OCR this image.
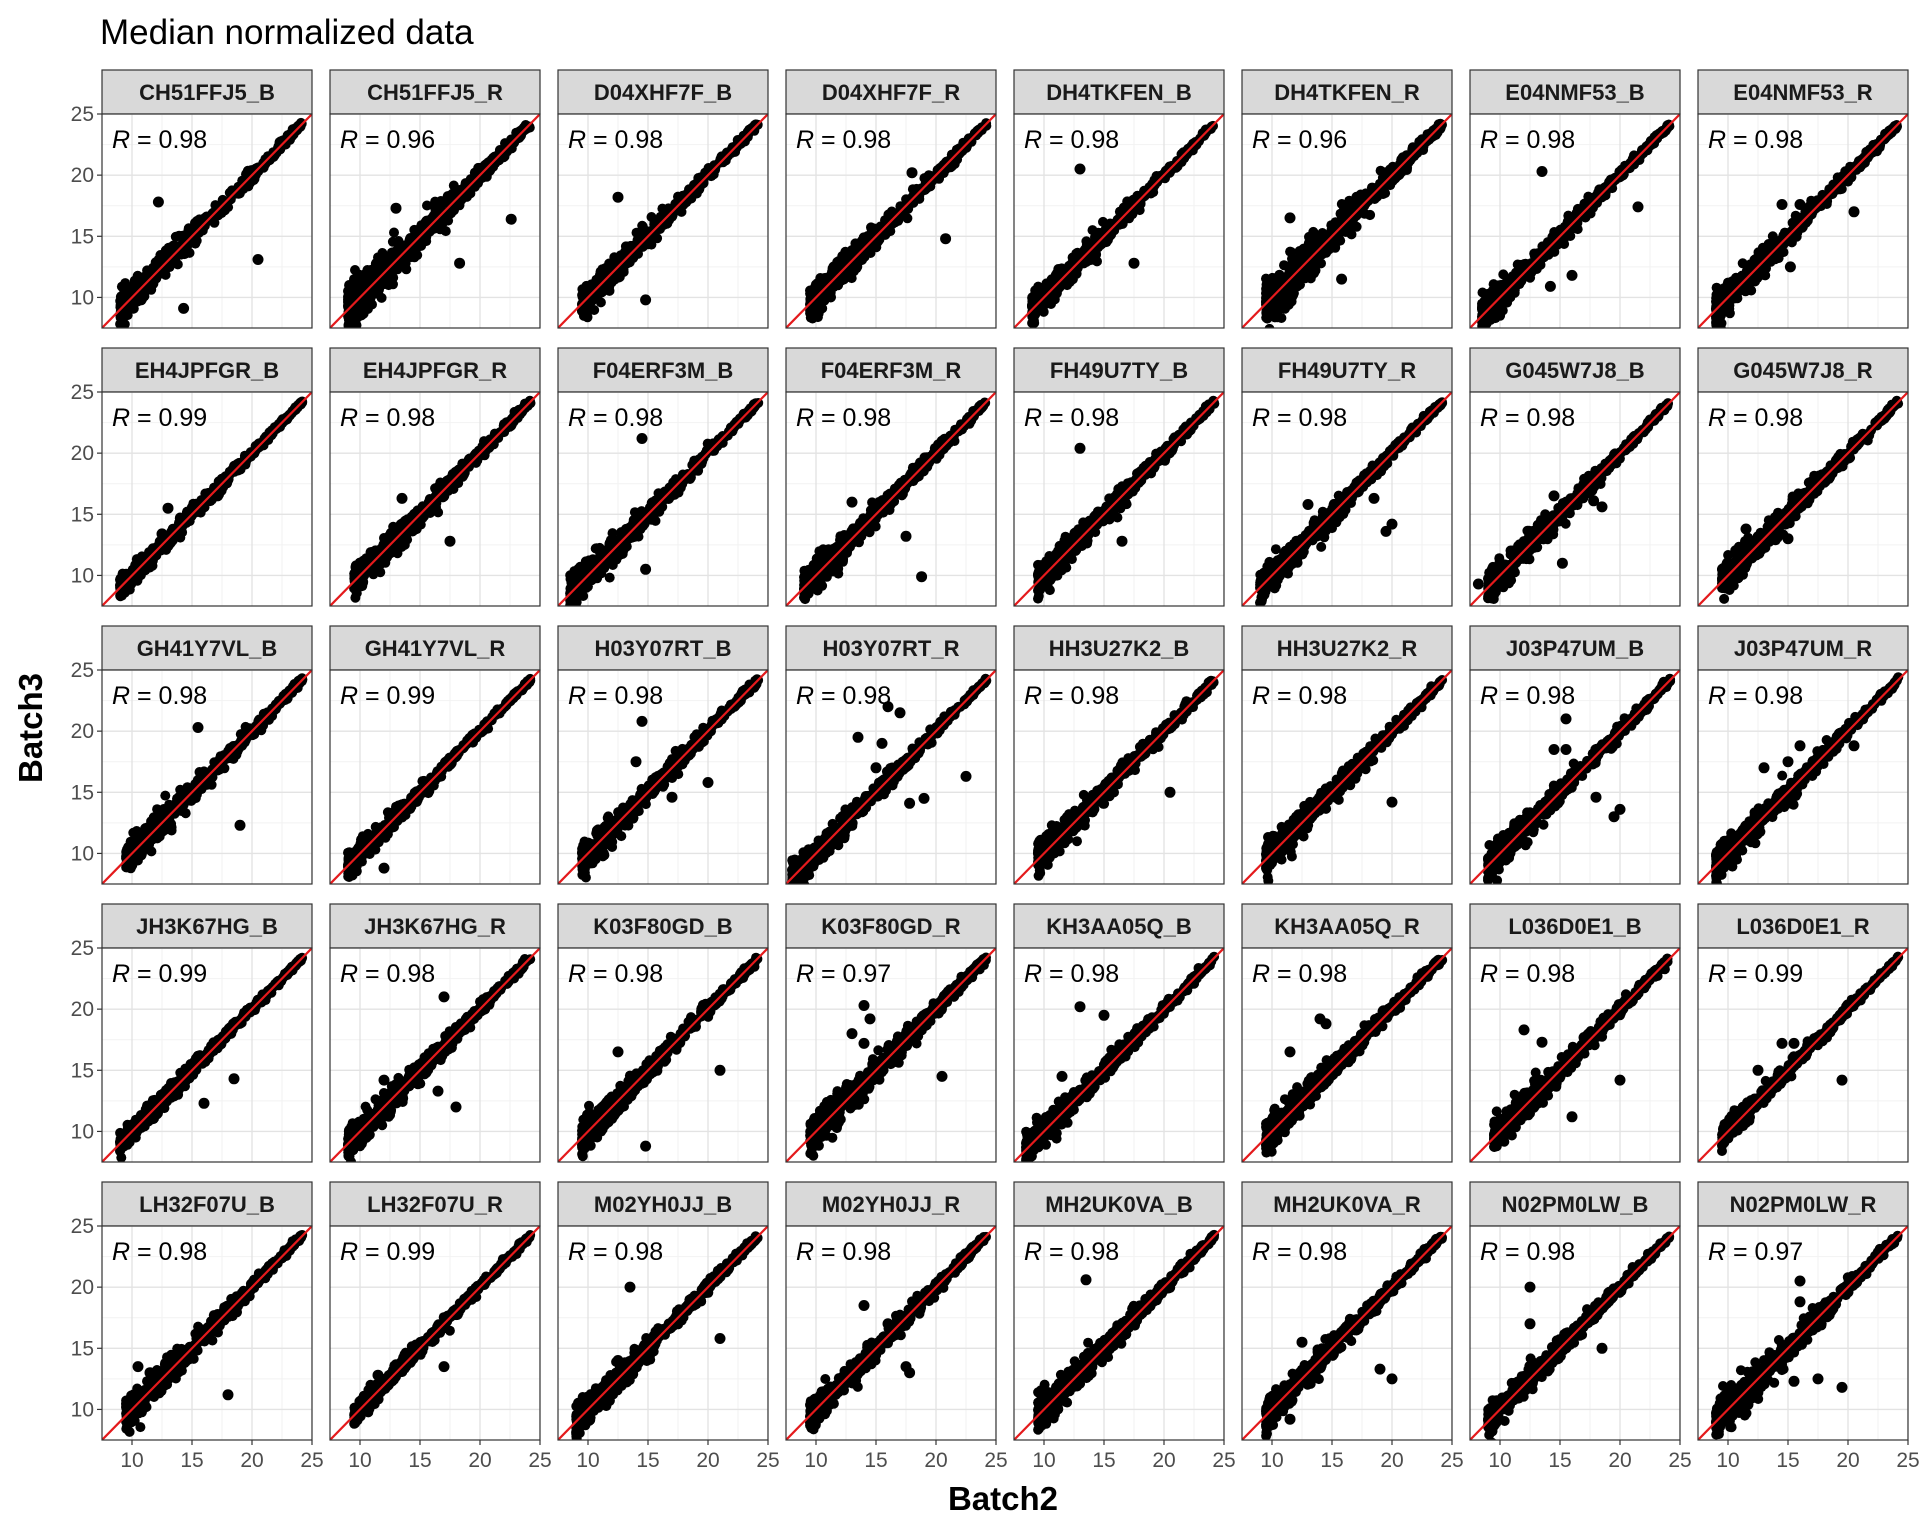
Median normalized data
CH51FFJ5_B
R = 0.98
CH51FFJ5_R
R = 0.96
D04XHF7F_B
R = 0.98
D04XHF7F_R
R = 0.98
DH4TKFEN_B
R = 0.98
DH4TKFEN_R
R = 0.96
E04NMF53_B
R = 0.98
E04NMF53_R
R = 0.98
EH4JPFGR_B
R = 0.99
EH4JPFGR_R
R = 0.98
F04ERF3M_B
R = 0.98
F04ERF3M_R
R = 0.98
FH49U7TY_B
R = 0.98
FH49U7TY_R
R = 0.98
G045W7J8_B
R = 0.98
G045W7J8_R
R = 0.98
GH41Y7VL_B
R = 0.98
GH41Y7VL_R
R = 0.99
H03Y07RT_B
R = 0.98
H03Y07RT_R
R = 0.98
HH3U27K2_B
R = 0.98
HH3U27K2_R
R = 0.98
J03P47UM_B
R = 0.98
J03P47UM_R
R = 0.98
JH3K67HG_B
R = 0.99
JH3K67HG_R
R = 0.98
K03F80GD_B
R = 0.98
K03F80GD_R
R = 0.97
KH3AA05Q_B
R = 0.98
KH3AA05Q_R
R = 0.98
L036D0E1_B
R = 0.98
L036D0E1_R
R = 0.99
LH32F07U_B
R = 0.98
LH32F07U_R
R = 0.99
M02YH0JJ_B
R = 0.98
M02YH0JJ_R
R = 0.98
MH2UK0VA_B
R = 0.98
MH2UK0VA_R
R = 0.98
N02PM0LW_B
R = 0.98
N02PM0LW_R
R = 0.97
10
15
20
25
10
15
20
25
10
15
20
25
10
15
20
25
10
15
20
25
10 15 20 25 10 15 20 25 10 15 20 25 10 15 20 25 10 15 20 25 10 15 20 25 10 15 20 25 10 15 20 25
Batch2
Batch3
